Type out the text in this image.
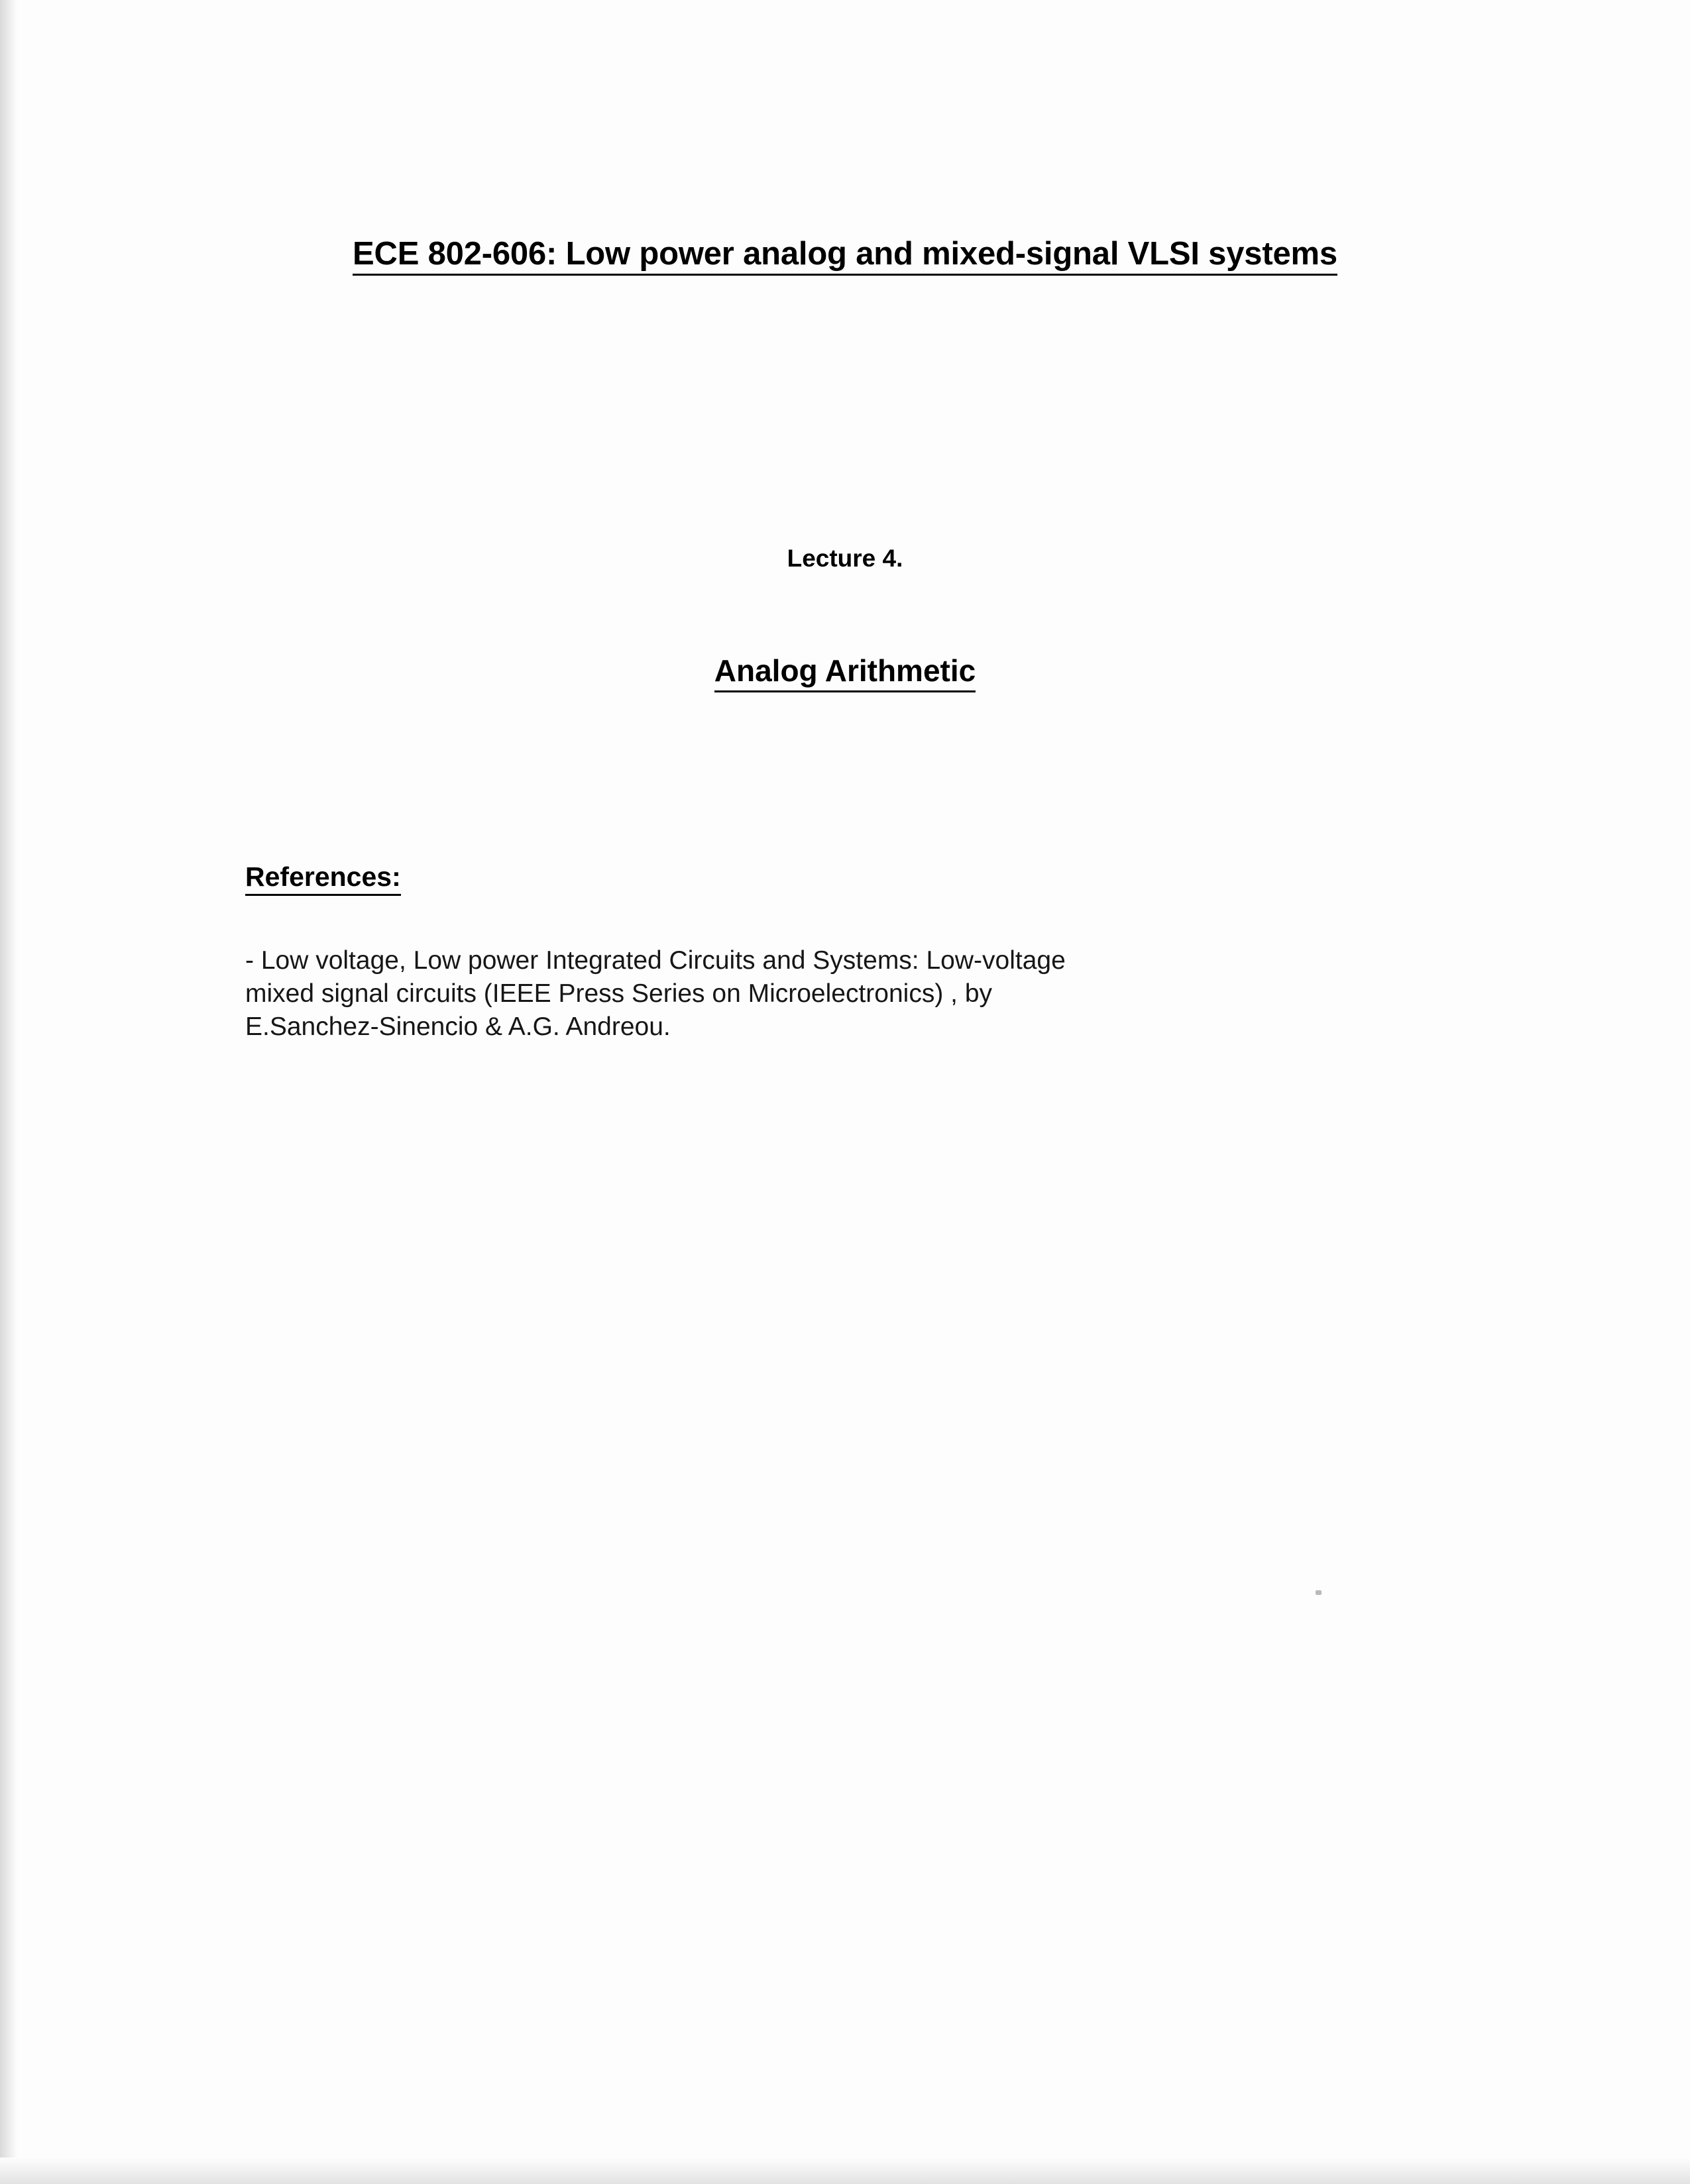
ECE 802-606: Low power analog and mixed-signal VLSI systems
Lecture 4.
Analog Arithmetic
References:
- Low voltage, Low power Integrated Circuits and Systems: Low-voltage
mixed signal circuits (IEEE Press Series on Microelectronics) , by
E.Sanchez-Sinencio & A.G. Andreou.
